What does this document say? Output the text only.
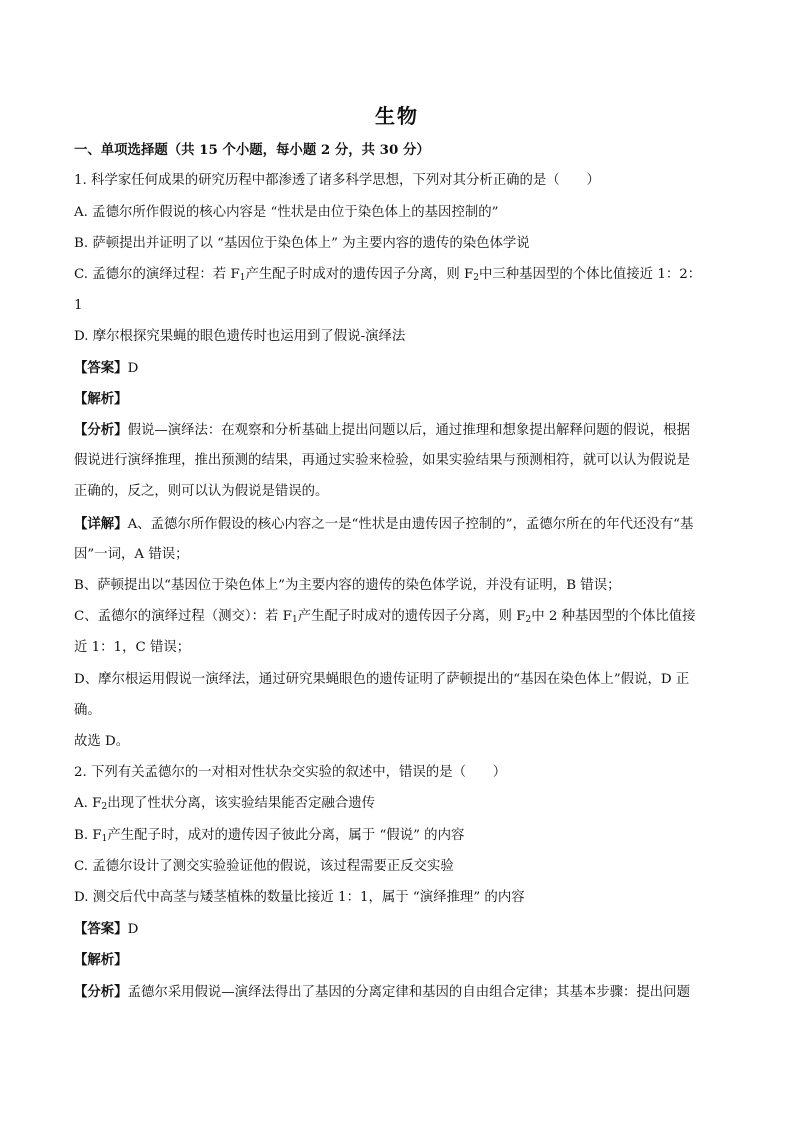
生物
一、单项选择题（共 15 个小题，每小题 2 分，共 30 分）
1. 科学家任何成果的研究历程中都渗透了诸多科学思想，下列对其分析正确的是（　　）
A. 孟德尔所作假说的核心内容是 “性状是由位于染色体上的基因控制的”
B. 萨顿提出并证明了以 “基因位于染色体上” 为主要内容的遗传的染色体学说
C. 孟德尔的演绎过程：若 $F_1$产生配子时成对的遗传因子分离，则 $F_2$中三种基因型的个体比值接近 1：2：
1
D. 摩尔根探究果蝇的眼色遗传时也运用到了假说-演绎法
【答案】D
【解析】
【分析】假说—演绎法：在观察和分析基础上提出问题以后，通过推理和想象提出解释问题的假说，根据
假说进行演绎推理，推出预测的结果，再通过实验来检验，如果实验结果与预测相符，就可以认为假说是
正确的，反之，则可以认为假说是错误的。
【详解】A、孟德尔所作假设的核心内容之一是“性状是由遗传因子控制的”，孟德尔所在的年代还没有“基
因”一词，A 错误；
B、萨顿提出以“基因位于染色体上”为主要内容的遗传的染色体学说，并没有证明，B 错误；
C、孟德尔的演绎过程（测交）：若 $F_1$产生配子时成对的遗传因子分离，则 $F_2$中 2 种基因型的个体比值接
近 1：1，C 错误；
D、摩尔根运用假说一演绎法，通过研究果蝇眼色的遗传证明了萨顿提出的“基因在染色体上”假说，D 正
确。
故选 D。
2. 下列有关孟德尔的一对相对性状杂交实验的叙述中，错误的是（　　）
A. $F_2$出现了性状分离，该实验结果能否定融合遗传
B. $F_1$产生配子时，成对的遗传因子彼此分离，属于 “假说” 的内容
C. 孟德尔设计了测交实验验证他的假说，该过程需要正反交实验
D. 测交后代中高茎与矮茎植株的数量比接近 1：1，属于 “演绎推理” 的内容
【答案】D
【解析】
【分析】孟德尔采用假说—演绎法得出了基因的分离定律和基因的自由组合定律；其基本步骤：提出问题
